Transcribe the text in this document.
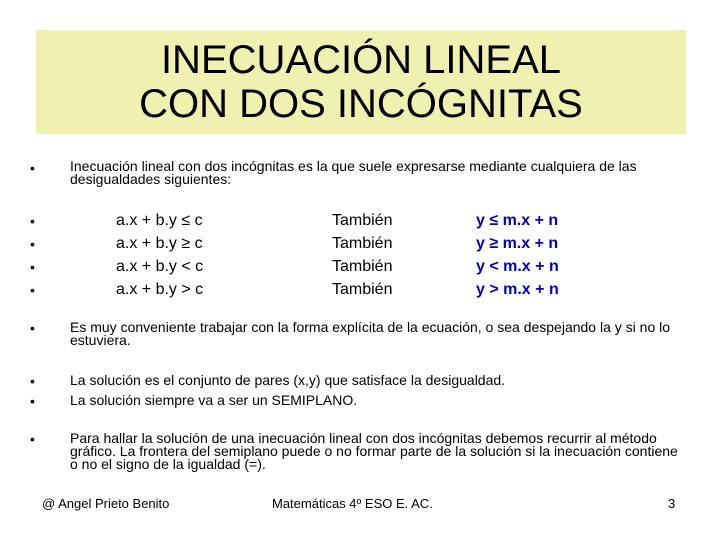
INECUACIÓN LINEAL
CON DOS INCÓGNITAS
•	Inecuación lineal con dos incógnitas es la que suele expresarse mediante cualquiera de las desigualdades siguientes:
•
•
•
•
a.x + b.y ≤ c	También	y ≤ m.x + n
a.x + b.y ≥ c	También	y ≥ m.x + n
a.x + b.y < c	También	y < m.x + n
a.x + b.y > c	También	y > m.x + n
•	Es muy conveniente trabajar con la forma explícita de la ecuación, o sea despejando la y si no lo estuviera.
•	La solución es el conjunto de pares (x,y) que satisface la desigualdad.
•	La solución siempre va a ser un SEMIPLANO.
•	Para hallar la solución de una inecuación lineal con dos incógnitas debemos recurrir al método gráfico. La frontera del semiplano puede o no formar parte de la solución si la inecuación contiene o no el signo de la igualdad (=).
@ Angel Prieto Benito	Matemáticas 4º ESO E. AC.	3
